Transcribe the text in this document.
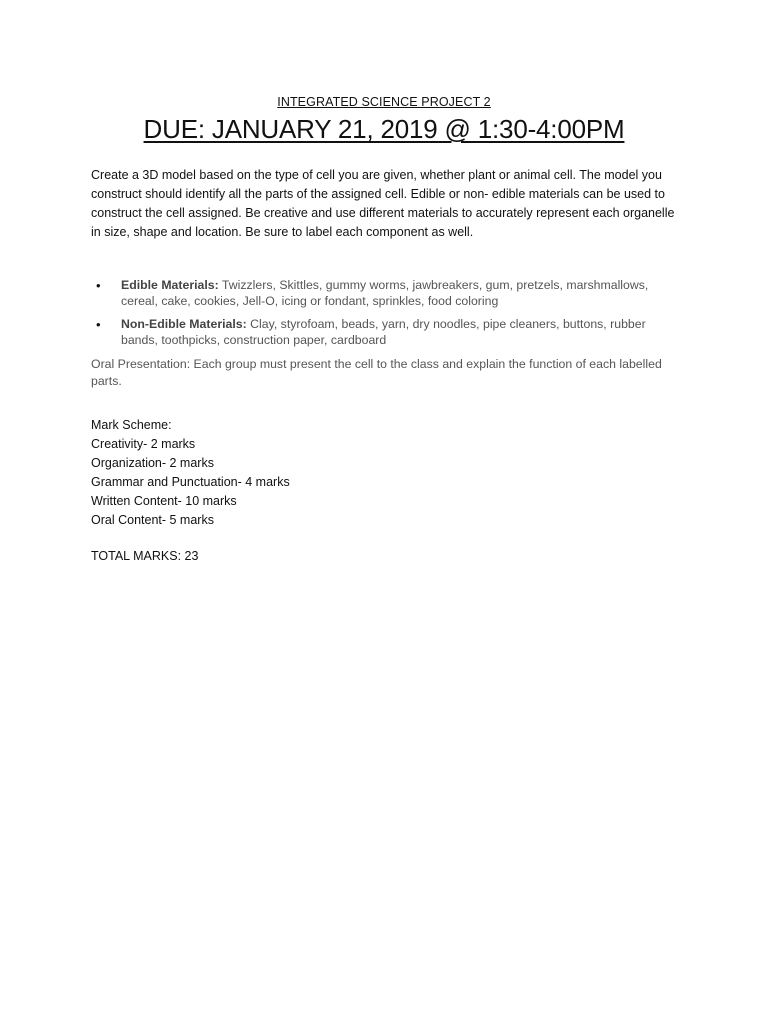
INTEGRATED SCIENCE PROJECT 2
DUE: JANUARY 21, 2019 @ 1:30-4:00PM

Create a 3D model based on the type of cell you are given, whether plant or animal cell. The model you construct should identify all the parts of the assigned cell. Edible or non- edible materials can be used to construct the cell assigned. Be creative and use different materials to accurately represent each organelle in size, shape and location. Be sure to label each component as well.

• Edible Materials: Twizzlers, Skittles, gummy worms, jawbreakers, gum, pretzels, marshmallows, cereal, cake, cookies, Jell-O, icing or fondant, sprinkles, food coloring
• Non-Edible Materials: Clay, styrofoam, beads, yarn, dry noodles, pipe cleaners, buttons, rubber bands, toothpicks, construction paper, cardboard

Oral Presentation: Each group must present the cell to the class and explain the function of each labelled parts.

Mark Scheme:
Creativity- 2 marks
Organization- 2 marks
Grammar and Punctuation- 4 marks
Written Content- 10 marks
Oral Content- 5 marks
TOTAL MARKS: 23
